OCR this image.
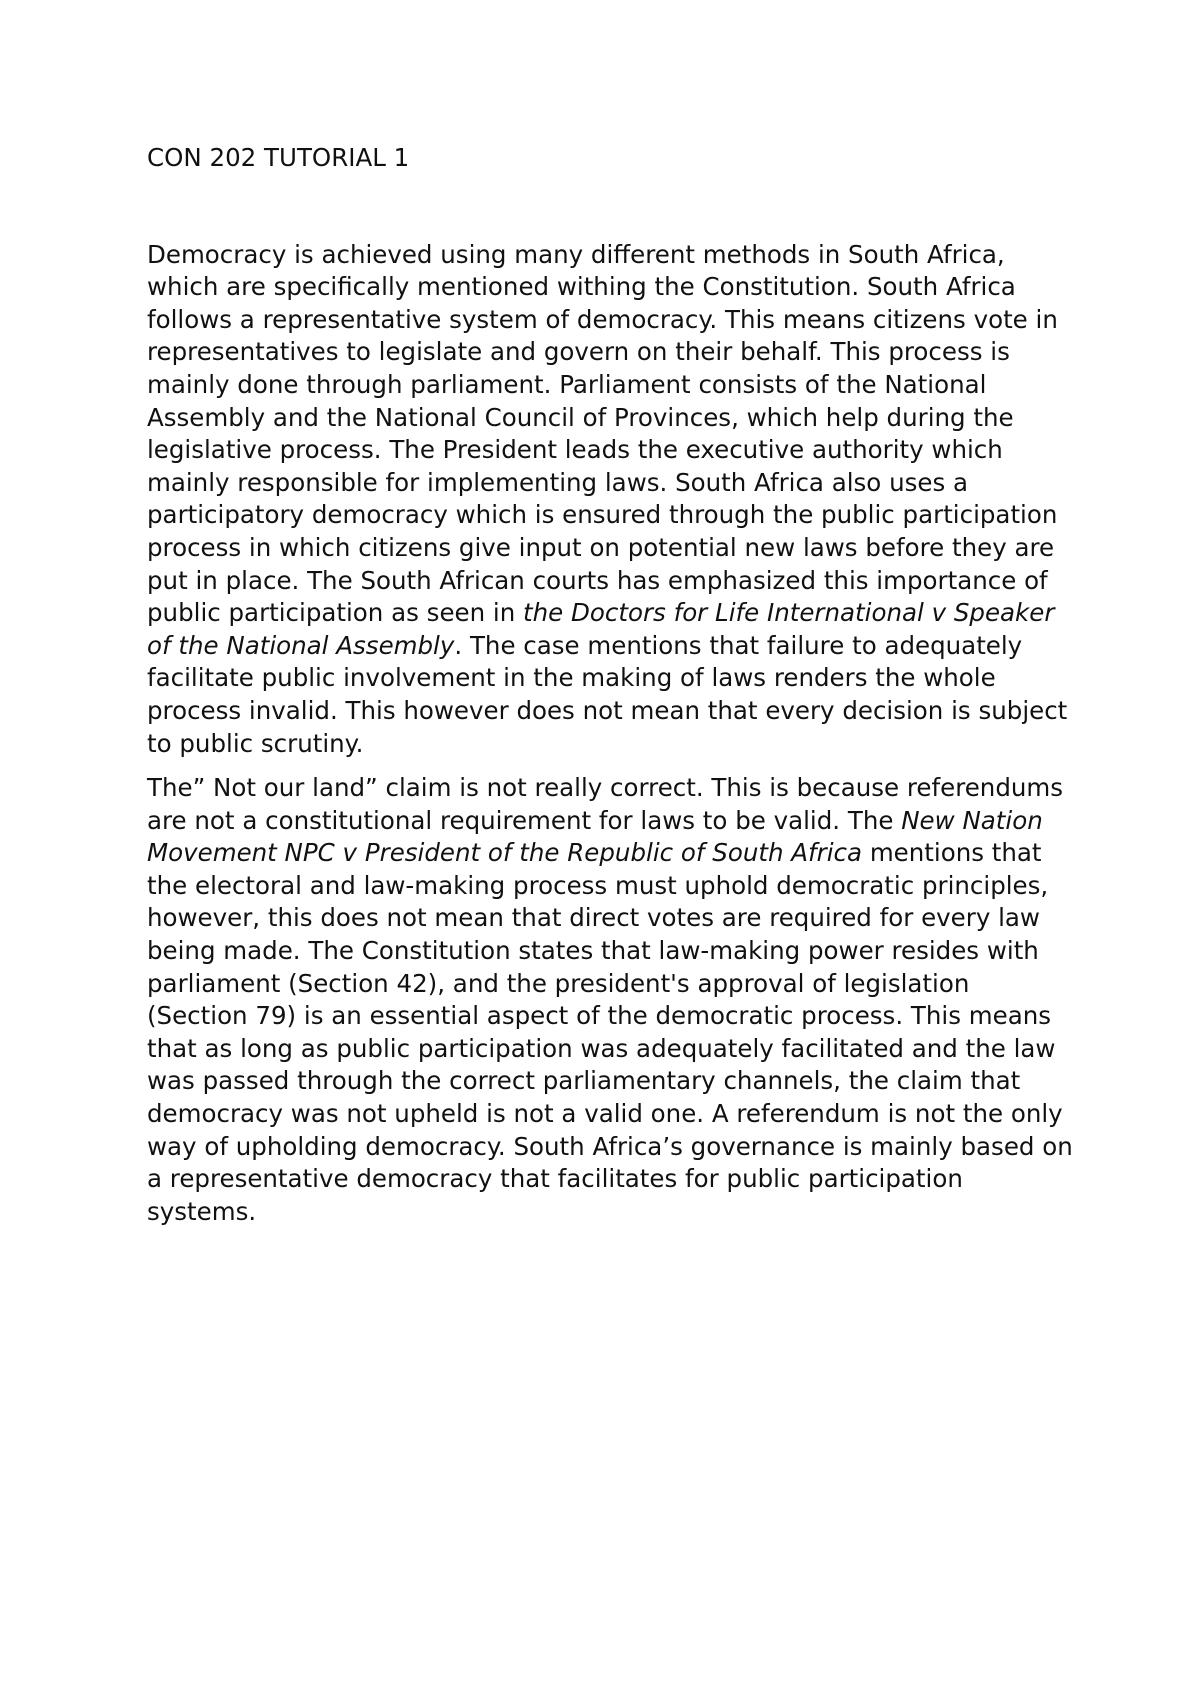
CON 202 TUTORIAL 1

Democracy is achieved using many different methods in South Africa, which are specifically mentioned withing the Constitution. South Africa follows a representative system of democracy. This means citizens vote in representatives to legislate and govern on their behalf. This process is mainly done through parliament. Parliament consists of the National Assembly and the National Council of Provinces, which help during the legislative process. The President leads the executive authority which mainly responsible for implementing laws. South Africa also uses a participatory democracy which is ensured through the public participation process in which citizens give input on potential new laws before they are put in place. The South African courts has emphasized this importance of public participation as seen in the Doctors for Life International v Speaker of the National Assembly. The case mentions that failure to adequately facilitate public involvement in the making of laws renders the whole process invalid. This however does not mean that every decision is subject to public scrutiny.

The” Not our land” claim is not really correct. This is because referendums are not a constitutional requirement for laws to be valid. The New Nation Movement NPC v President of the Republic of South Africa mentions that the electoral and law-making process must uphold democratic principles, however, this does not mean that direct votes are required for every law being made. The Constitution states that law-making power resides with parliament (Section 42), and the president's approval of legislation (Section 79) is an essential aspect of the democratic process. This means that as long as public participation was adequately facilitated and the law was passed through the correct parliamentary channels, the claim that democracy was not upheld is not a valid one. A referendum is not the only way of upholding democracy. South Africa’s governance is mainly based on a representative democracy that facilitates for public participation systems.
